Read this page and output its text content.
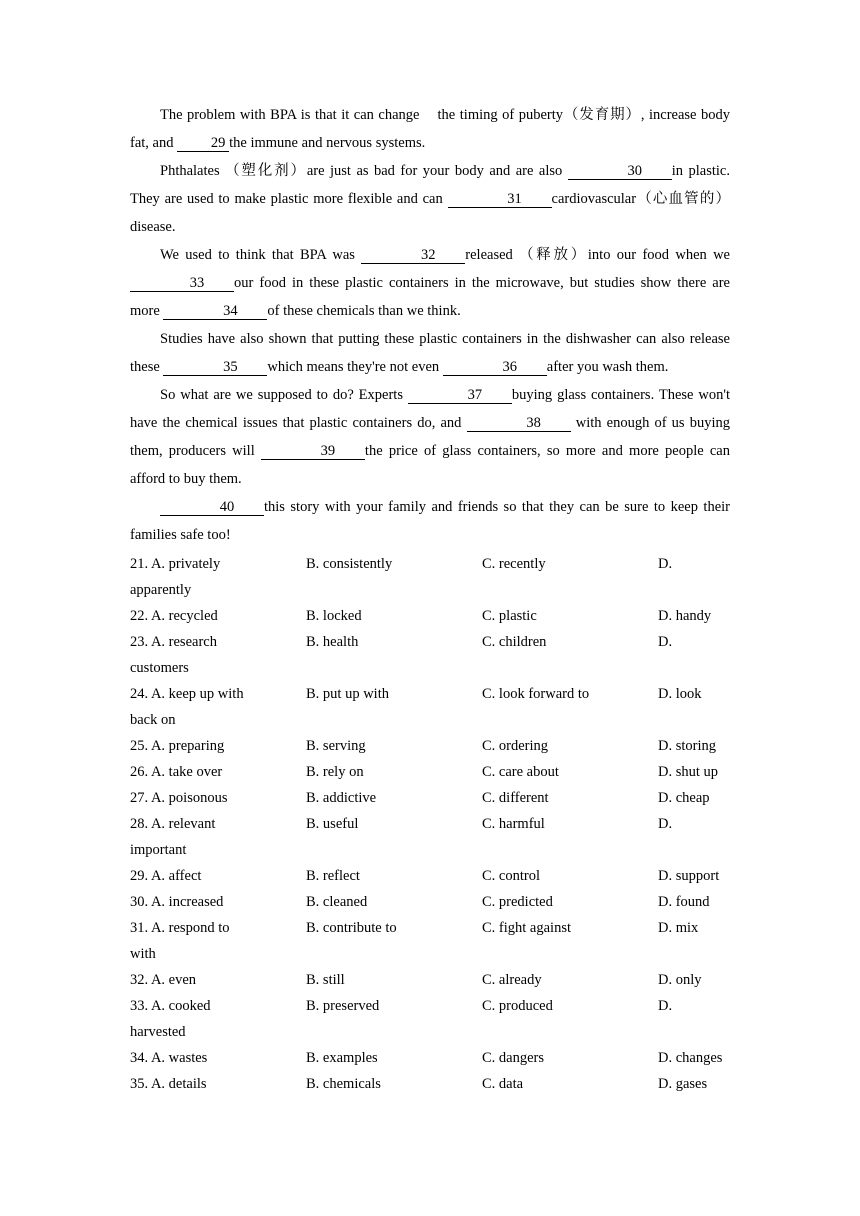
The problem with BPA is that it can change    the timing of puberty（发育期）, increase body fat, and 29 the immune and nervous systems.

Phthalates （塑化剂）are just as bad for your body and are also	30 in plastic. They are used to make plastic more flexible and can	31 cardiovascular（心血管的）disease.

We used to think that BPA was	32 released （释放）into our food when we 33 our food in these plastic containers in the microwave, but studies show there are more	34 of these chemicals than we think.

Studies have also shown that putting these plastic containers in the dishwasher can also release these	35 which means they're not even	36 after you wash them.

So what are we supposed to do? Experts	37 buying glass containers. These won't have the chemical issues that plastic containers do, and	38 with enough of us buying them, producers will	39 the price of glass containers, so more and more people can afford to buy them.

40 this story with your family and friends so that they can be sure to keep their families safe too!

21. A. privately	B. consistently	C. recently	D.
apparently
22. A. recycled	B. locked	C. plastic	D. handy
23. A. research	B. health	C. children	D.
customers
24. A. keep up with	B. put up with	C. look forward to	D. look
back on
25. A. preparing	B. serving	C. ordering	D. storing
26. A. take over	B. rely on	C. care about	D. shut up
27. A. poisonous	B. addictive	C. different	D. cheap
28. A. relevant	B. useful	C. harmful	D.
important
29. A. affect	B. reflect	C. control	D. support
30. A. increased	B. cleaned	C. predicted	D. found
31. A. respond to	B. contribute to	C. fight against	D. mix
with
32. A. even	B. still	C. already	D. only
33. A. cooked	B. preserved	C. produced	D.
harvested
34. A. wastes	B. examples	C. dangers	D. changes
35. A. details	B. chemicals	C. data	D. gases
